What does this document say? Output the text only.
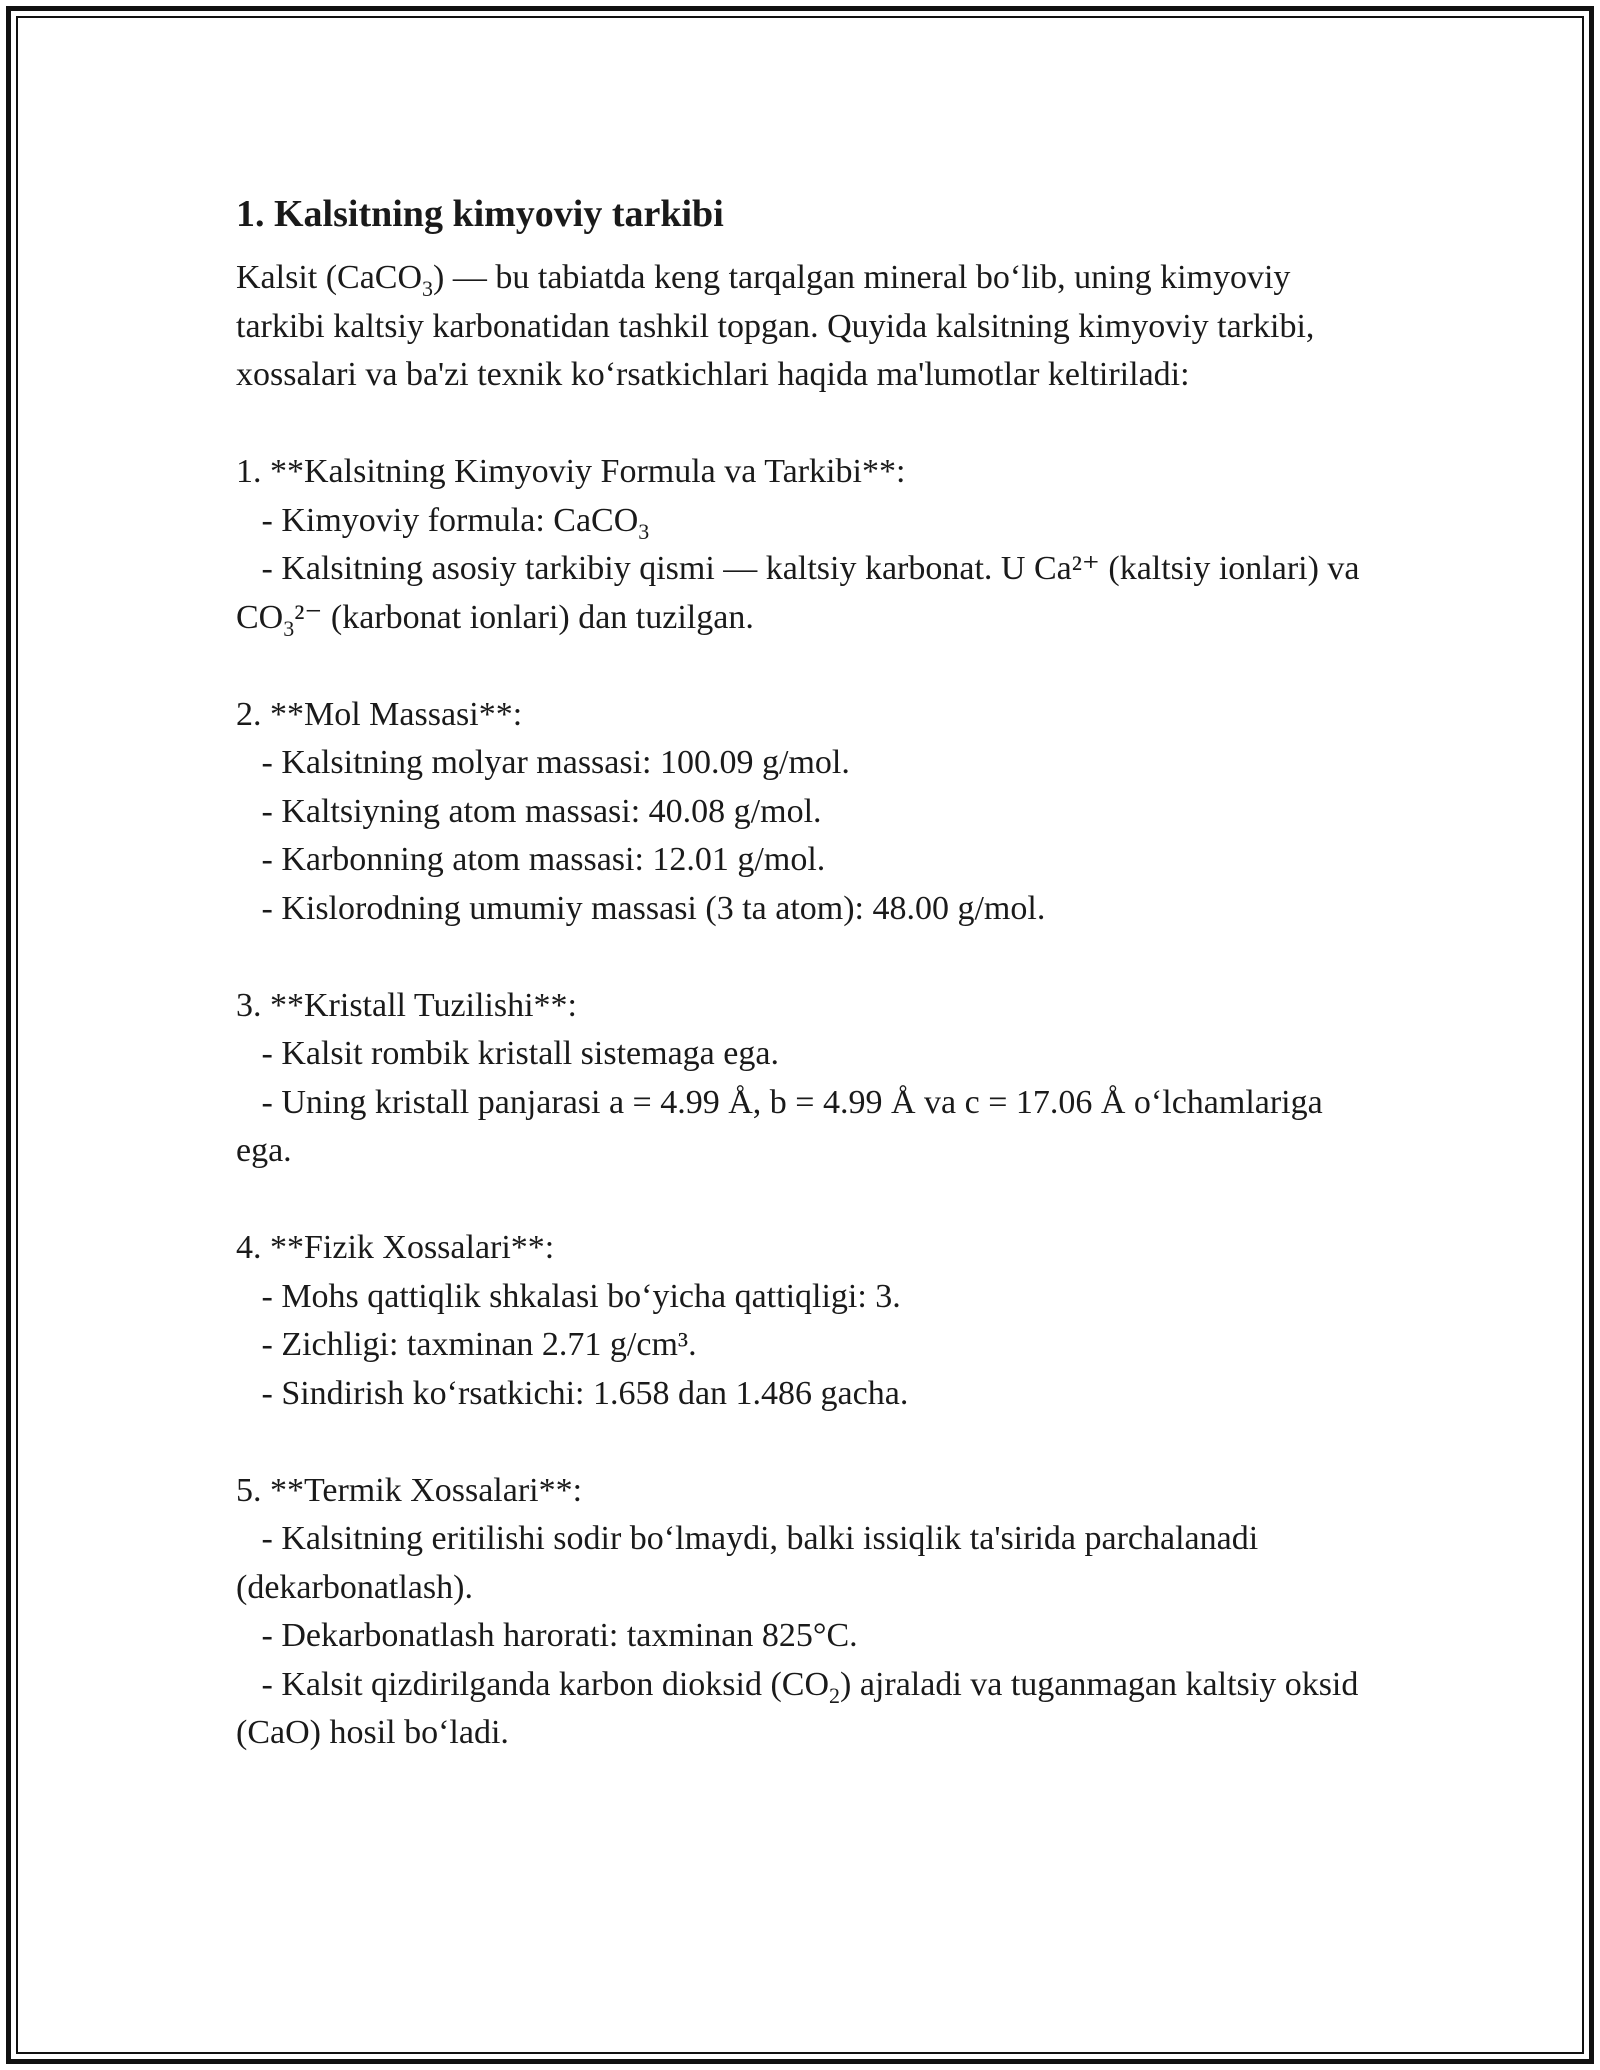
1. Kalsitning kimyoviy tarkibi

Kalsit (CaCO$_3$) — bu tabiatda keng tarqalgan mineral bo‘lib, uning kimyoviy tarkibi kaltsiy karbonatidan tashkil topgan. Quyida kalsitning kimyoviy tarkibi, xossalari va ba'zi texnik ko‘rsatkichlari haqida ma'lumotlar keltiriladi:

1. **Kalsitning Kimyoviy Formula va Tarkibi**:

- Kimyoviy formula: CaCO$_3$

- Kalsitning asosiy tarkibiy qismi — kaltsiy karbonat. U Ca²⁺ (kaltsiy ionlari) va $CO_3^{2-}$ (karbonat ionlari) dan tuzilgan.

2. **Mol Massasi**:

- Kalsitning molyar massasi: 100.09 g/mol.

- Kaltsiyning atom massasi: 40.08 g/mol.

- Karbonning atom massasi: 12.01 g/mol.

- Kislorodning umumiy massasi (3 ta atom): 48.00 g/mol.

3. **Kristall Tuzilishi**:

- Kalsit rombik kristall sistemaga ega.

- Uning kristall panjarasi a = 4.99 Å, b = 4.99 Å va c = 17.06 Å o‘lchamlariga ega.

4. **Fizik Xossalari**:

- Mohs qattiqlik shkalasi bo‘yicha qattiqligi: 3.

- Zichligi: taxminan 2.71 g/cm³.

- Sindirish ko‘rsatkichi: 1.658 dan 1.486 gacha.

5. **Termik Xossalari**:

- Kalsitning eritilishi sodir bo‘lmaydi, balki issiqlik ta'sirida parchalanadi (dekarbonatlash).

- Dekarbonatlash harorati: taxminan 825°C.

- Kalsit qizdirilganda karbon dioksid $(CO_2)$ ajraladi va tuganmagan kaltsiy oksid (CaO) hosil bo‘ladi.
